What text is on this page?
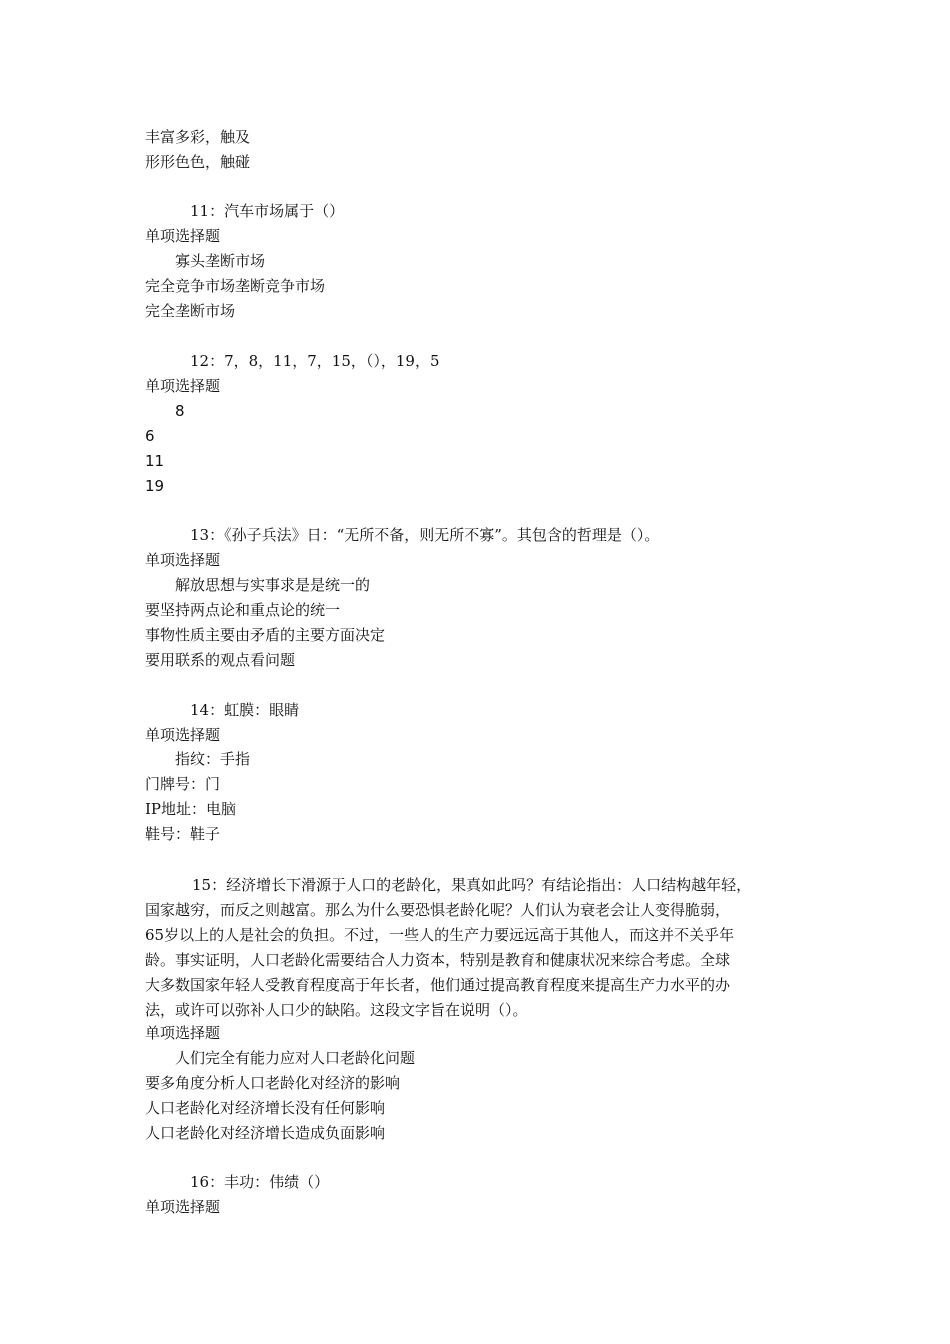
丰富多彩，触及
形形色色，触碰
11：汽车市场属于（）
单项选择题
寡头垄断市场
完全竞争市场垄断竞争市场
完全垄断市场
12：7，8，11，7，15，（），19，5
单项选择题
8
6
11
19
13：《孙子兵法》日：“无所不备，则无所不寡”。其包含的哲理是（）。
单项选择题
解放思想与实事求是是统一的
要坚持两点论和重点论的统一
事物性质主要由矛盾的主要方面决定
要用联系的观点看问题
14：虹膜：眼睛
单项选择题
指纹：手指
门牌号：门
IP地址：电脑
鞋号：鞋子
15：经济增长下滑源于人口的老龄化，果真如此吗？有结论指出：人口结构越年轻，
国家越穷，而反之则越富。那么为什么要恐惧老龄化呢？人们认为衰老会让人变得脆弱，
65岁以上的人是社会的负担。不过，一些人的生产力要远远高于其他人，而这并不关乎年
龄。事实证明，人口老龄化需要结合人力资本，特别是教育和健康状况来综合考虑。全球
大多数国家年轻人受教育程度高于年长者，他们通过提高教育程度来提高生产力水平的办
法，或许可以弥补人口少的缺陷。这段文字旨在说明（）。
单项选择题
人们完全有能力应对人口老龄化问题
要多角度分析人口老龄化对经济的影响
人口老龄化对经济增长没有任何影响
人口老龄化对经济增长造成负面影响
16：丰功：伟绩（）
单项选择题
